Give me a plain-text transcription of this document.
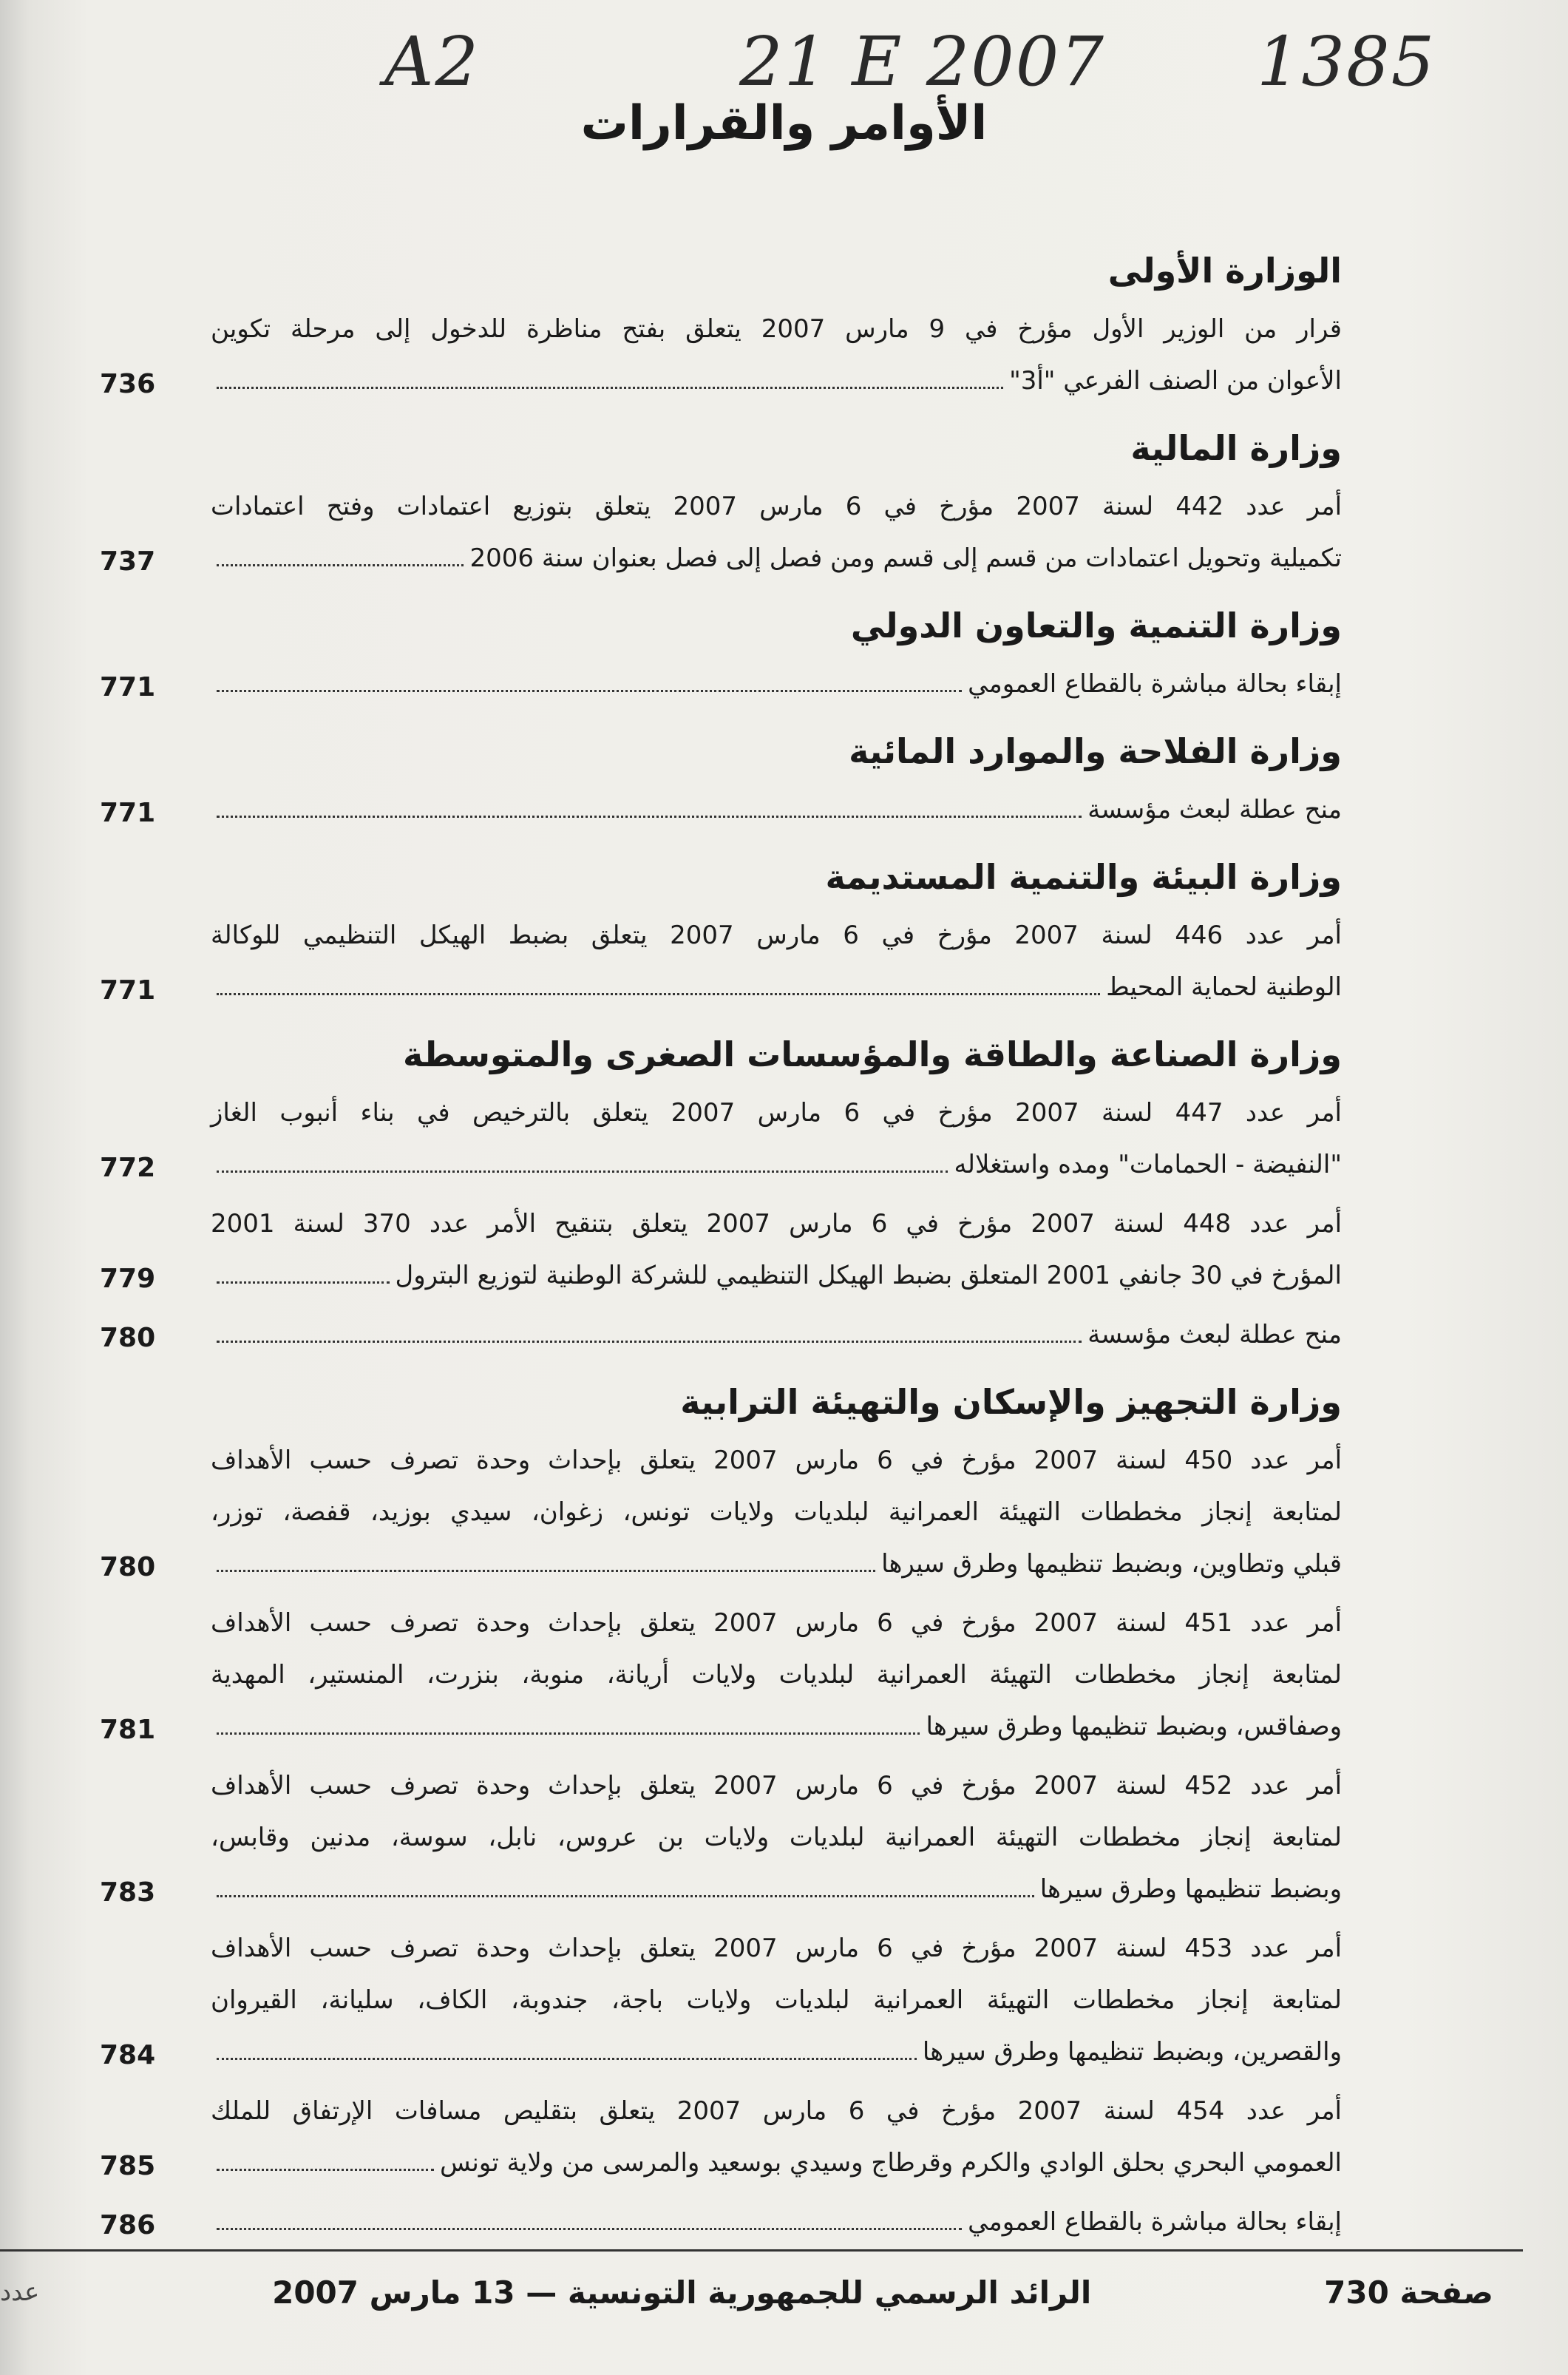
A2	21 E 2007 1385
الأوامر والقرارات
الوزارة الأولى
قرار من الوزير الأول مؤرخ في 9 مارس 2007 يتعلق بفتح مناظرة للدخول إلى مرحلة تكوين
الأعوان من الصنف الفرعي "أ3"
736
وزارة المالية
أمر عدد 442 لسنة 2007 مؤرخ في 6 مارس 2007 يتعلق بتوزيع اعتمادات وفتح اعتمادات
تكميلية وتحويل اعتمادات من قسم إلى قسم ومن فصل إلى فصل بعنوان سنة 2006
737
وزارة التنمية والتعاون الدولي
إبقاء بحالة مباشرة بالقطاع العمومي
771
وزارة الفلاحة والموارد المائية
منح عطلة لبعث مؤسسة
771
وزارة البيئة والتنمية المستديمة
أمر عدد 446 لسنة 2007 مؤرخ في 6 مارس 2007 يتعلق بضبط الهيكل التنظيمي للوكالة
الوطنية لحماية المحيط
771
وزارة الصناعة والطاقة والمؤسسات الصغرى والمتوسطة
أمر عدد 447 لسنة 2007 مؤرخ في 6 مارس 2007 يتعلق بالترخيص في بناء أنبوب الغاز
"النفيضة - الحمامات" ومده واستغلاله
772
أمر عدد 448 لسنة 2007 مؤرخ في 6 مارس 2007 يتعلق بتنقيح الأمر عدد 370 لسنة 2001
المؤرخ في 30 جانفي 2001 المتعلق بضبط الهيكل التنظيمي للشركة الوطنية لتوزيع البترول
779
منح عطلة لبعث مؤسسة
780
وزارة التجهيز والإسكان والتهيئة الترابية
أمر عدد 450 لسنة 2007 مؤرخ في 6 مارس 2007 يتعلق بإحداث وحدة تصرف حسب الأهداف
لمتابعة إنجاز مخططات التهيئة العمرانية لبلديات ولايات تونس، زغوان، سيدي بوزيد، قفصة، توزر،
قبلي وتطاوين، وبضبط تنظيمها وطرق سيرها
780
أمر عدد 451 لسنة 2007 مؤرخ في 6 مارس 2007 يتعلق بإحداث وحدة تصرف حسب الأهداف
لمتابعة إنجاز مخططات التهيئة العمرانية لبلديات ولايات أريانة، منوبة، بنزرت، المنستير، المهدية
وصفاقس، وبضبط تنظيمها وطرق سيرها
781
أمر عدد 452 لسنة 2007 مؤرخ في 6 مارس 2007 يتعلق بإحداث وحدة تصرف حسب الأهداف
لمتابعة إنجاز مخططات التهيئة العمرانية لبلديات ولايات بن عروس، نابل، سوسة، مدنين وقابس،
وبضبط تنظيمها وطرق سيرها
783
أمر عدد 453 لسنة 2007 مؤرخ في 6 مارس 2007 يتعلق بإحداث وحدة تصرف حسب الأهداف
لمتابعة إنجاز مخططات التهيئة العمرانية لبلديات ولايات باجة، جندوبة، الكاف، سليانة، القيروان
والقصرين، وبضبط تنظيمها وطرق سيرها
784
أمر عدد 454 لسنة 2007 مؤرخ في 6 مارس 2007 يتعلق بتقليص مسافات الإرتفاق للملك
العمومي البحري بحلق الوادي والكرم وقرطاج وسيدي بوسعيد والمرسى من ولاية تونس
785
إبقاء بحالة مباشرة بالقطاع العمومي
786
صفحة 730
الرائد الرسمي للجمهورية التونسية — 13 مارس 2007
عدد
